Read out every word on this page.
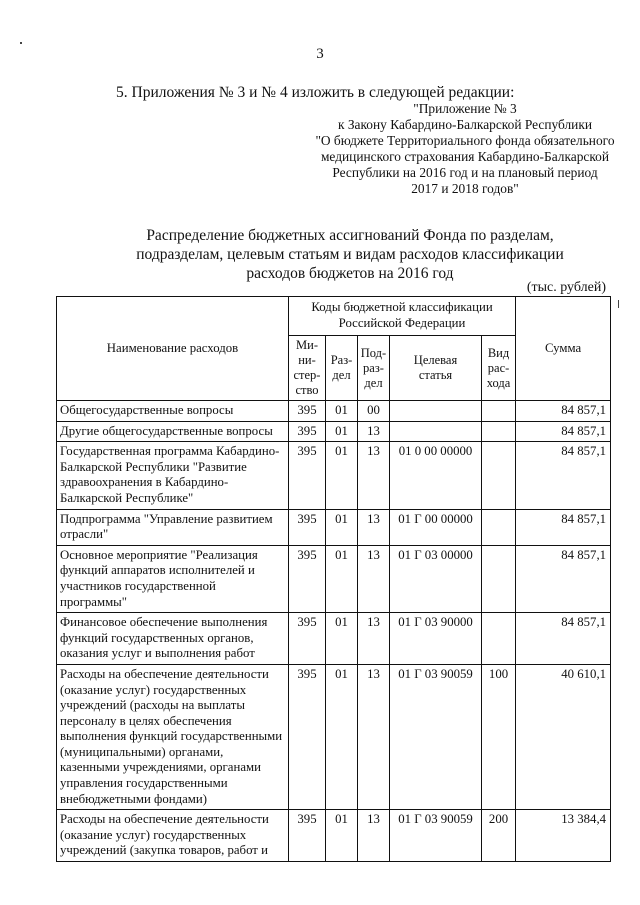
3
5. Приложения № 3 и № 4 изложить в следующей редакции:
"Приложение № 3
к Закону Кабардино-Балкарской Республики
"О бюджете Территориального фонда обязательного
медицинского страхования Кабардино-Балкарской
Республики на 2016 год и на плановый период
2017 и 2018 годов"
Распределение бюджетных ассигнований Фонда по разделам,
подразделам, целевым статьям и видам расходов классификации
расходов бюджетов на 2016 год
(тыс. рублей)
Наименование расходов	Коды бюджетной классификации Российской Федерации					Сумма
	Ми-
ни-
стер-
ство	Раз-
дел	Под-
раз-
дел	Целевая
статья	Вид
рас-
хода	
Общегосударственные вопросы	395	01	00			84 857,1
Другие общегосударственные вопросы	395	01	13			84 857,1
Государственная программа Кабардино-Балкарской Республики "Развитие здравоохранения в Кабардино-Балкарской Республике"	395	01	13	01 0 00 00000		84 857,1
Подпрограмма "Управление развитием отрасли"	395	01	13	01 Г 00 00000		84 857,1
Основное мероприятие "Реализация функций аппаратов исполнителей и участников государственной программы"	395	01	13	01 Г 03 00000		84 857,1
Финансовое обеспечение выполнения функций государственных органов, оказания услуг и выполнения работ	395	01	13	01 Г 03 90000		84 857,1
Расходы на обеспечение деятельности (оказание услуг) государственных учреждений (расходы на выплаты персоналу в целях обеспечения выполнения функций государственными (муниципальными) органами, казенными учреждениями, органами управления государственными внебюджетными фондами)	395	01	13	01 Г 03 90059	100	40 610,1
Расходы на обеспечение деятельности (оказание услуг) государственных учреждений (закупка товаров, работ и	395	01	13	01 Г 03 90059	200	13 384,4
